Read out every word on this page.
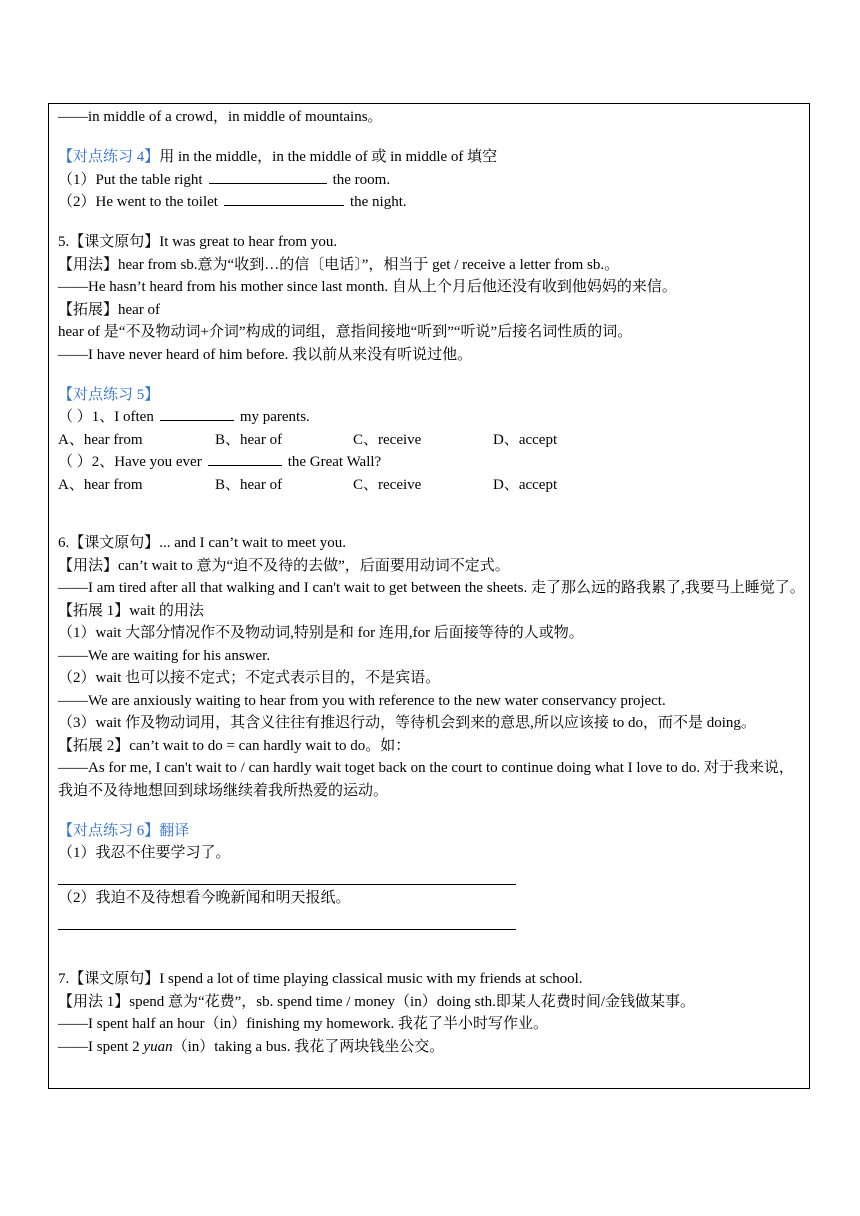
——in middle of a crowd，in middle of mountains。
【对点练习 4】用 in the middle，in the middle of 或 in middle of 填空
（1）Put the table right	the room.
（2）He went to the toilet	the night.
5.【课文原句】It was great to hear from you.
【用法】hear from sb.意为“收到…的信〔电话〕”，相当于 get / receive a letter from sb.。
——He hasn’t heard from his mother since last month. 自从上个月后他还没有收到他妈妈的来信。
【拓展】hear of
hear of 是“不及物动词+介词”构成的词组，意指间接地“听到”“听说”后接名词性质的词。
——I have never heard of him before. 我以前从来没有听说过他。
【对点练习 5】
（ ）1、I often	my parents.
A、hear from	B、hear of	C、receive	D、accept
（ ）2、Have you ever	the Great Wall?
A、hear from	B、hear of	C、receive	D、accept
6.【课文原句】... and I can’t wait to meet you.
【用法】can’t wait to 意为“迫不及待的去做”，后面要用动词不定式。
——I am tired after all that walking and I can't wait to get between the sheets. 走了那么远的路我累了,我要马上睡觉了。
【拓展 1】wait 的用法
（1）wait 大部分情况作不及物动词,特别是和 for 连用,for 后面接等待的人或物。
——We are waiting for his answer.
（2）wait 也可以接不定式；不定式表示目的，不是宾语。
——We are anxiously waiting to hear from you with reference to the new water conservancy project.
（3）wait 作及物动词用，其含义往往有推迟行动，等待机会到来的意思,所以应该接 to do，而不是 doing。
【拓展 2】can’t wait to do = can hardly wait to do。如：
——As for me, I can't wait to / can hardly wait toget back on the court to continue doing what I love to do. 对于我来说，我迫不及待地想回到球场继续着我所热爱的运动。
【对点练习 6】翻译
（1）我忍不住要学习了。
（2）我迫不及待想看今晚新闻和明天报纸。
7.【课文原句】I spend a lot of time playing classical music with my friends at school.
【用法 1】spend 意为“花费”，sb. spend time / money（in）doing sth.即某人花费时间/金钱做某事。
——I spent half an hour（in）finishing my homework. 我花了半小时写作业。
——I spent 2 yuan（in）taking a bus. 我花了两块钱坐公交。
